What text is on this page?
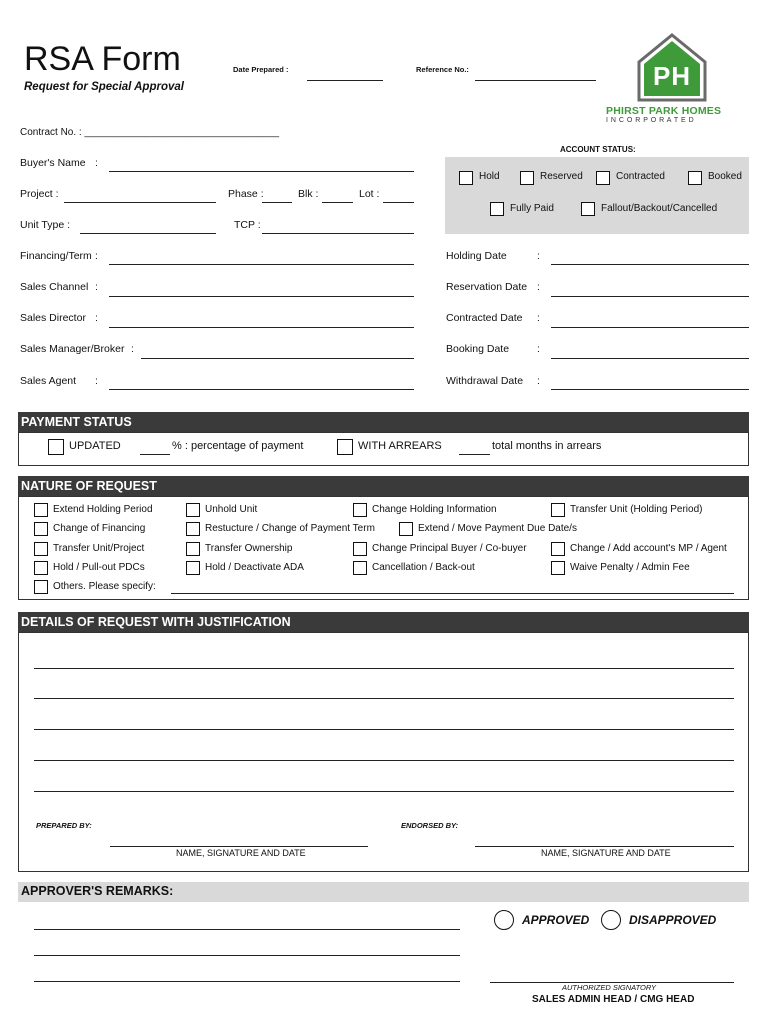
RSA Form
Request for Special Approval
Date Prepared :	Reference No.:	PH
PHIRST PARK HOMES
I N C O R P O R A T E D
Contract No. : ___________________________________
Buyer's Name :
Project :	Phase :	Blk :	Lot :
Unit Type :	TCP :
Financing/Term :
Sales Channel :
Sales Director :
Sales Manager/Broker :
Sales Agent :
ACCOUNT STATUS:
Hold	Reserved	Contracted	Booked
Fully Paid	Fallout/Backout/Cancelled
Holding Date	:
Reservation Date :
Contracted Date :
Booking Date	:
Withdrawal Date :
PAYMENT STATUS
UPDATED	% : percentage of payment	WITH ARREARS	total months in arrears
NATURE OF REQUEST
Extend Holding Period
Change of Financing
Transfer Unit/Project
Hold / Pull-out PDCs
Others. Please specify:
Unhold Unit
Restucture / Change of Payment Term
Transfer Ownership
Hold / Deactivate ADA
Change Holding Information
Extend / Move Payment Due Date/s
Change Principal Buyer / Co-buyer
Cancellation / Back-out
Transfer Unit (Holding Period)
Change / Add account's MP / Agent
Waive Penalty / Admin Fee
DETAILS OF REQUEST WITH JUSTIFICATION
PREPARED BY:	ENDORSED BY:
NAME, SIGNATURE AND DATE	NAME, SIGNATURE AND DATE
APPROVER'S REMARKS:
APPROVED	DISAPPROVED
AUTHORIZED SIGNATORY
SALES ADMIN HEAD / CMG HEAD
